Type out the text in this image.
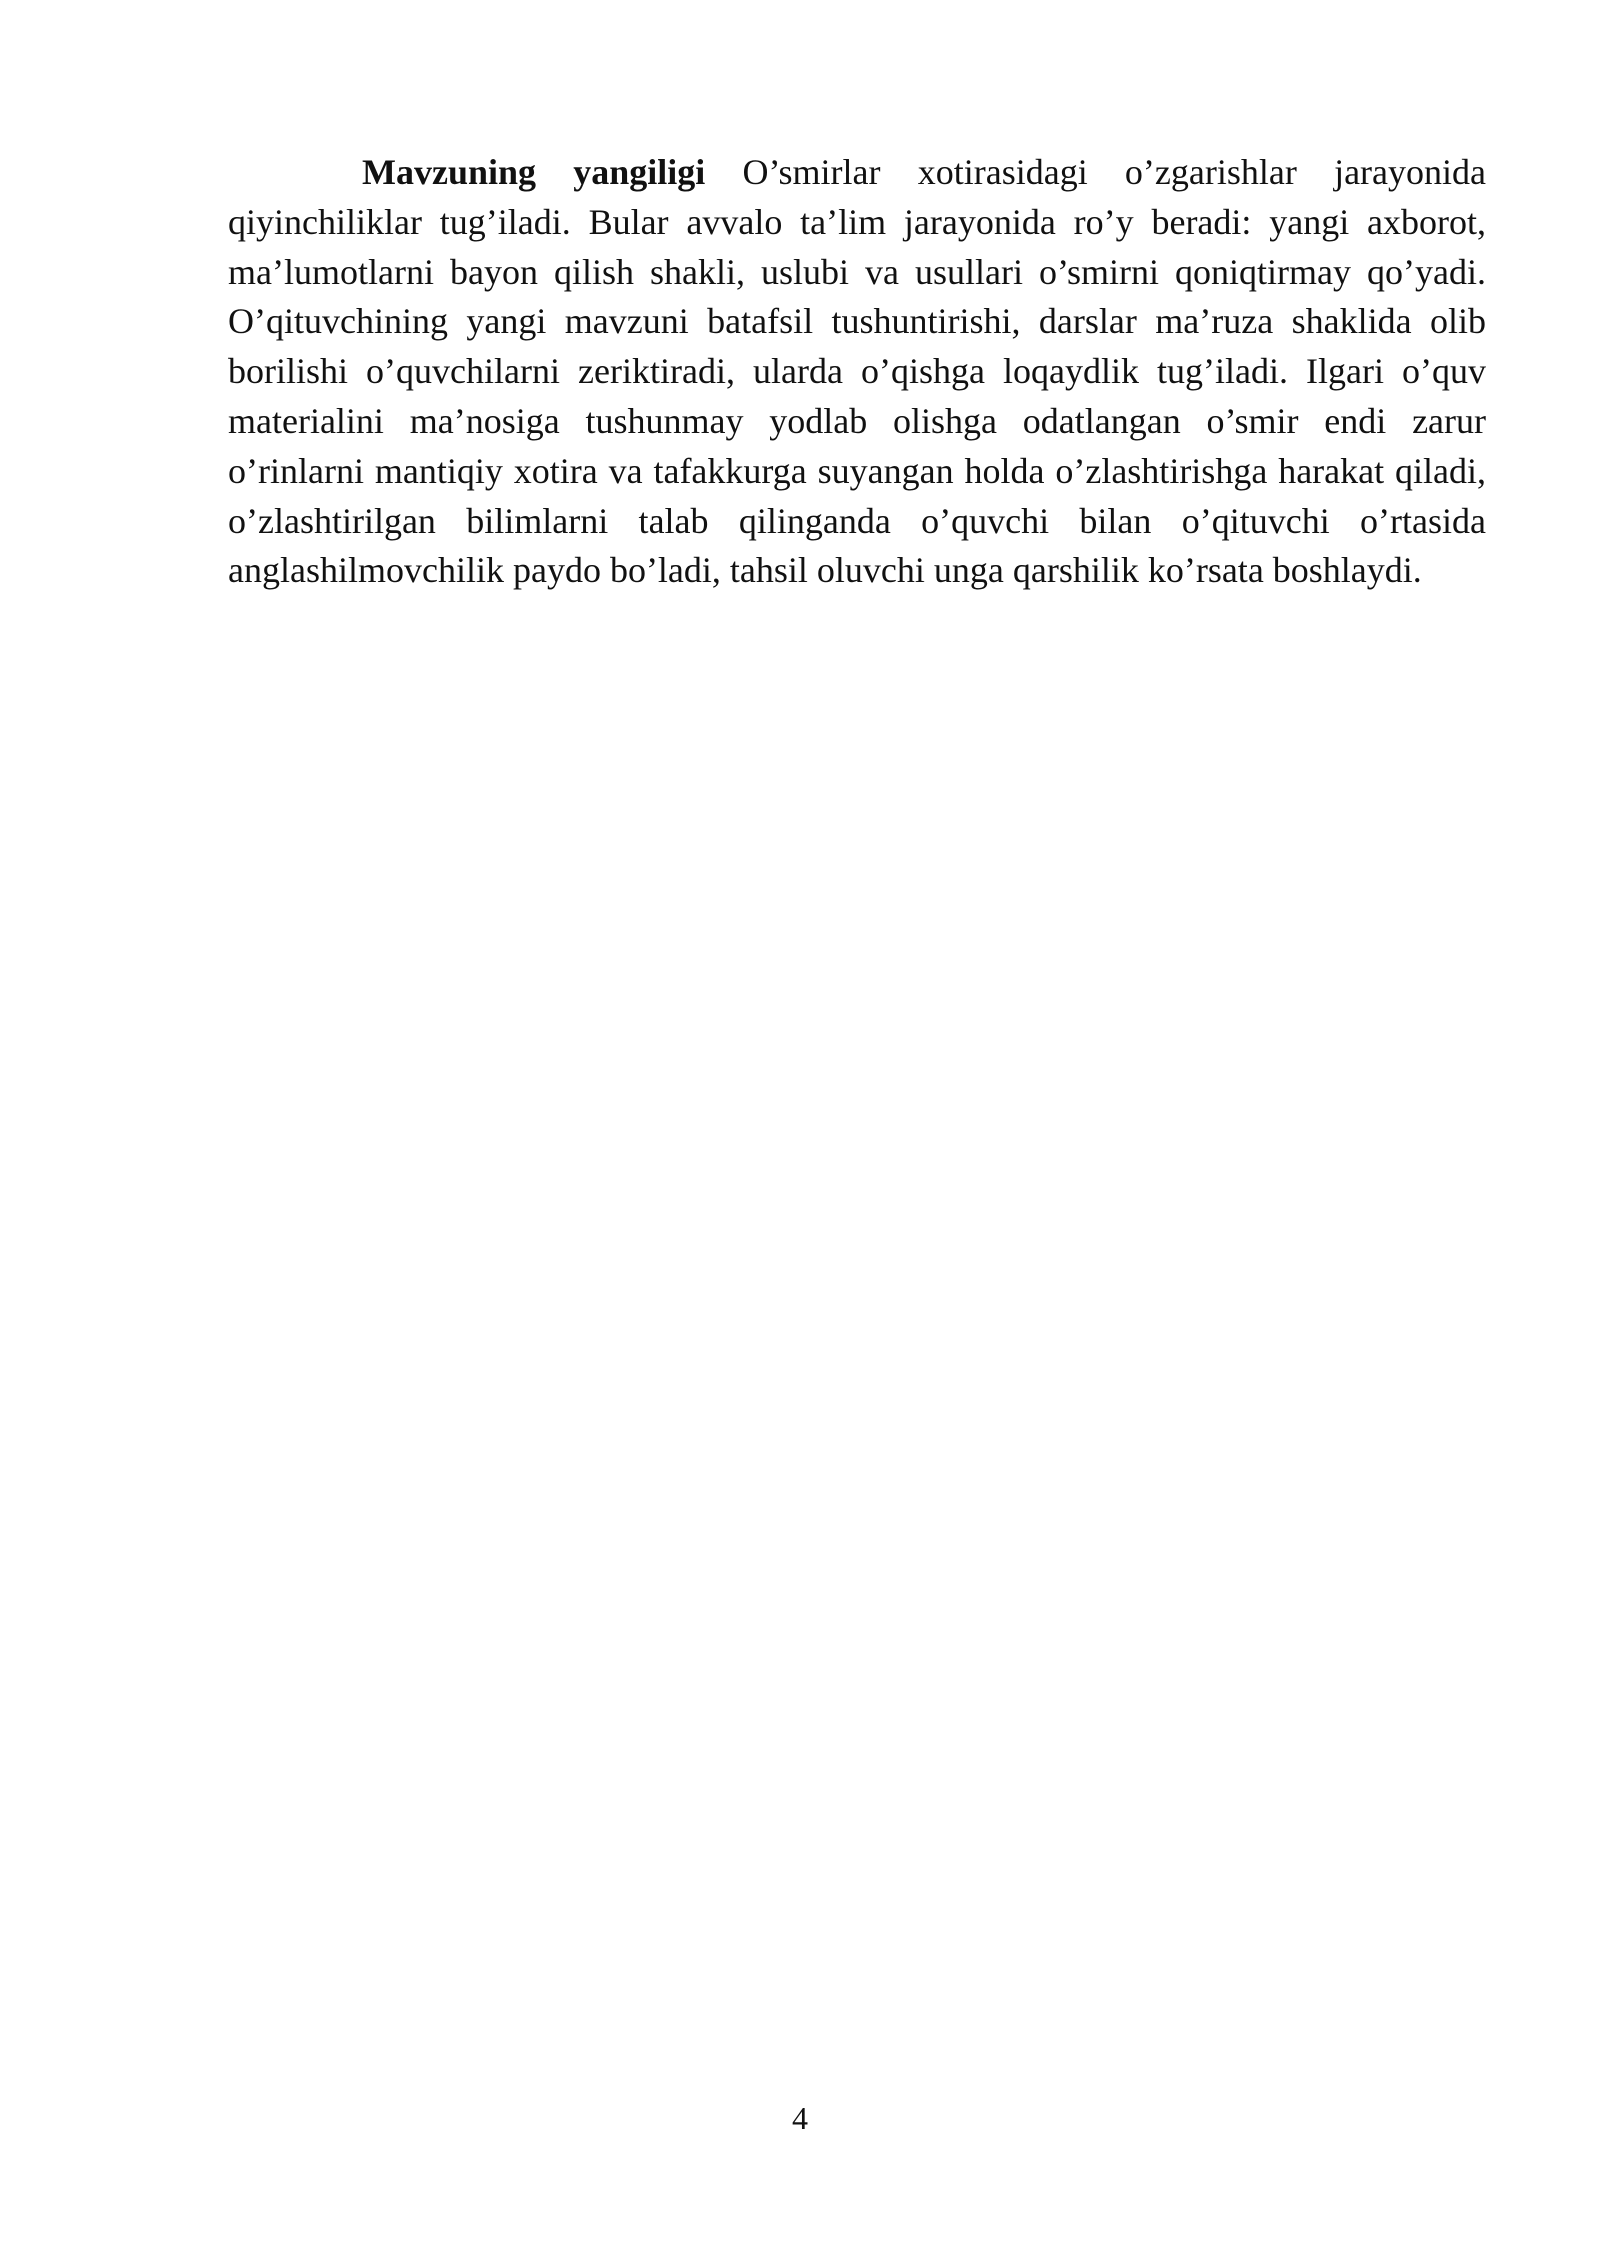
Mavzuning yangiligi O’smirlar xotirasidagi o’zgarishlar jarayonida qiyinchiliklar tug’iladi. Bular avvalo ta’lim jarayonida ro’y beradi: yangi axborot, ma’lumotlarni bayon qilish shakli, uslubi va usullari o’smirni qoniqtirmay qo’yadi. O’qituvchining yangi mavzuni batafsil tushuntirishi, darslar ma’ruza shaklida olib borilishi o’quvchilarni zeriktiradi, ularda o’qishga loqaydlik tug’iladi. Ilgari o’quv materialini ma’nosiga tushunmay yodlab olishga odatlangan o’smir endi zarur o’rinlarni mantiqiy xotira va tafakkurga suyangan holda o’zlashtirishga harakat qiladi, o’zlashtirilgan bilimlarni talab qilinganda o’quvchi bilan o’qituvchi o’rtasida anglashilmovchilik paydo bo’ladi, tahsil oluvchi unga qarshilik ko’rsata boshlaydi.

4
